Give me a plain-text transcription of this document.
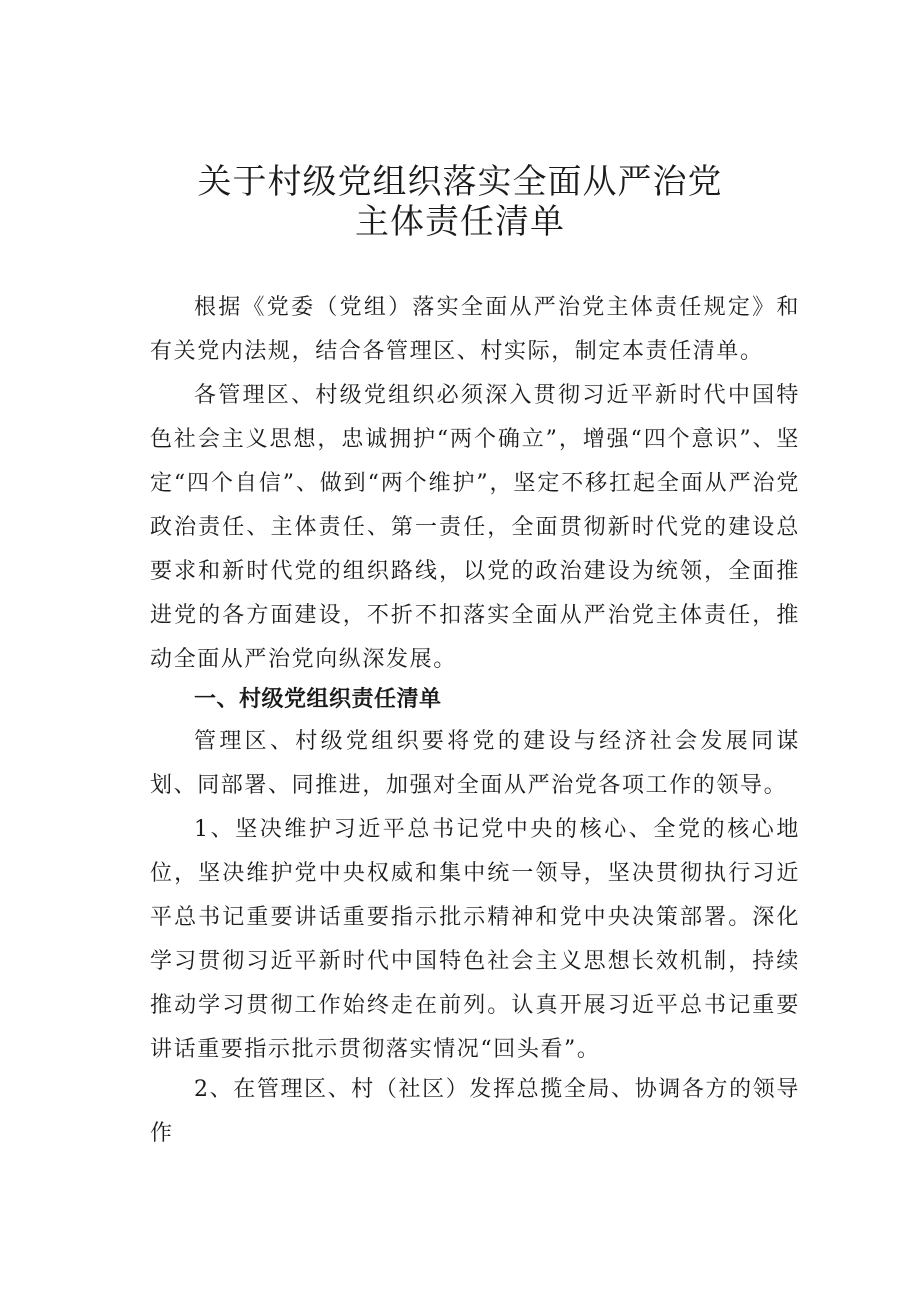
关于村级党组织落实全面从严治党
主体责任清单

根据《党委（党组）落实全面从严治党主体责任规定》和有关党内法规，结合各管理区、村实际，制定本责任清单。

各管理区、村级党组织必须深入贯彻习近平新时代中国特色社会主义思想，忠诚拥护“两个确立”，增强“四个意识”、坚定“四个自信”、做到“两个维护”，坚定不移扛起全面从严治党政治责任、主体责任、第一责任，全面贯彻新时代党的建设总要求和新时代党的组织路线，以党的政治建设为统领，全面推进党的各方面建设，不折不扣落实全面从严治党主体责任，推动全面从严治党向纵深发展。

一、村级党组织责任清单

管理区、村级党组织要将党的建设与经济社会发展同谋划、同部署、同推进，加强对全面从严治党各项工作的领导。

1、坚决维护习近平总书记党中央的核心、全党的核心地位，坚决维护党中央权威和集中统一领导，坚决贯彻执行习近平总书记重要讲话重要指示批示精神和党中央决策部署。深化学习贯彻习近平新时代中国特色社会主义思想长效机制，持续推动学习贯彻工作始终走在前列。认真开展习近平总书记重要讲话重要指示批示贯彻落实情况“回头看”。

2、在管理区、村（社区）发挥总揽全局、协调各方的领导作
